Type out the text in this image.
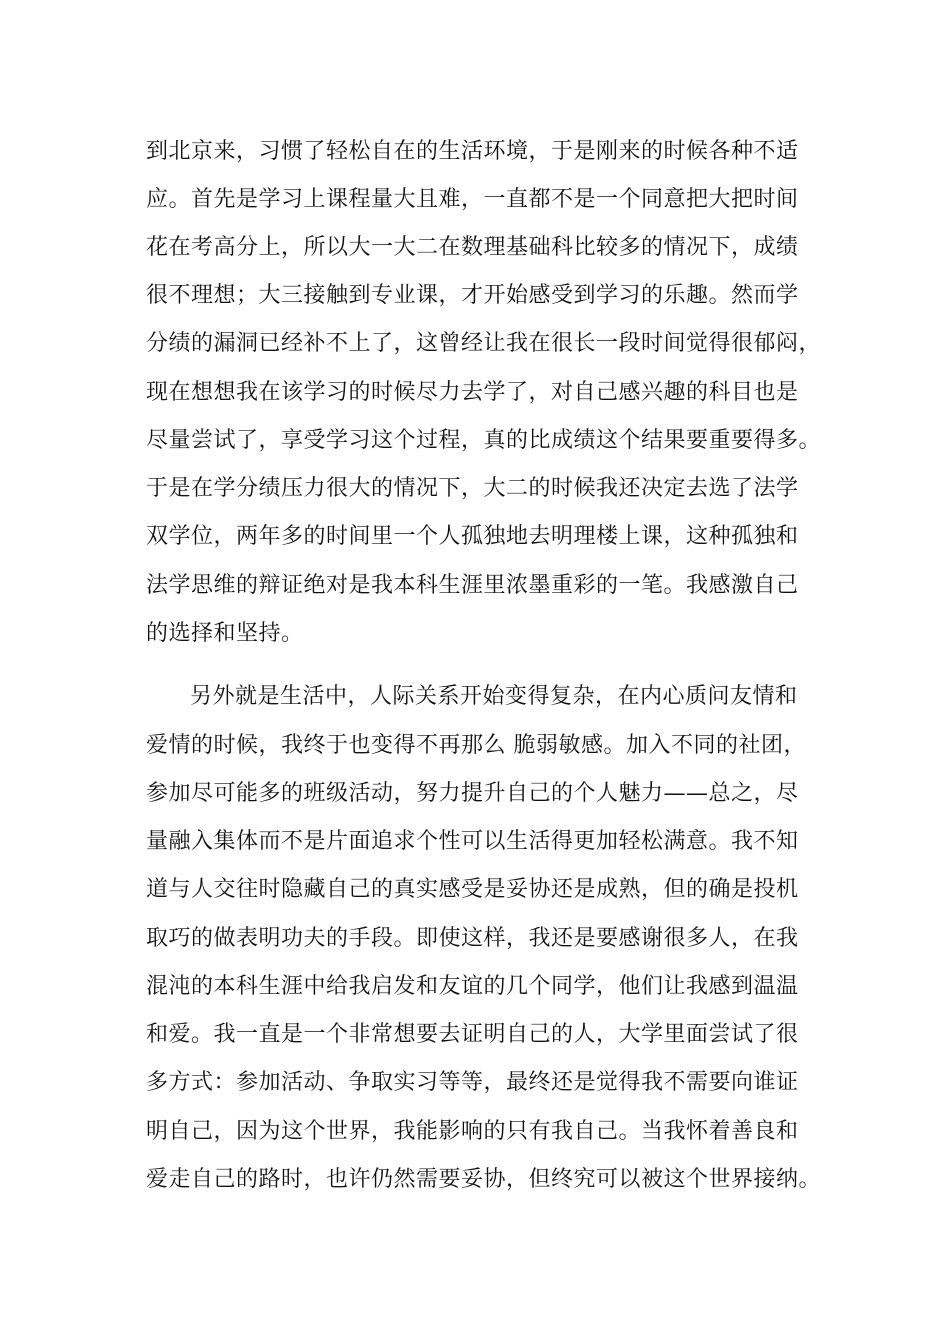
到北京来，习惯了轻松自在的生活环境，于是刚来的时候各种不适
应。首先是学习上课程量大且难，一直都不是一个同意把大把时间
花在考高分上，所以大一大二在数理基础科比较多的情况下，成绩
很不理想；大三接触到专业课，才开始感受到学习的乐趣。然而学
分绩的漏洞已经补不上了，这曾经让我在很长一段时间觉得很郁闷，
现在想想我在该学习的时候尽力去学了，对自己感兴趣的科目也是
尽量尝试了，享受学习这个过程，真的比成绩这个结果要重要得多。
于是在学分绩压力很大的情况下，大二的时候我还决定去选了法学
双学位，两年多的时间里一个人孤独地去明理楼上课，这种孤独和
法学思维的辩证绝对是我本科生涯里浓墨重彩的一笔。我感激自己
的选择和坚持。
另外就是生活中，人际关系开始变得复杂，在内心质问友情和
爱情的时候，我终于也变得不再那么 脆弱敏感。加入不同的社团，
参加尽可能多的班级活动，努力提升自己的个人魅力——总之，尽
量融入集体而不是片面追求个性可以生活得更加轻松满意。我不知
道与人交往时隐藏自己的真实感受是妥协还是成熟，但的确是投机
取巧的做表明功夫的手段。即使这样，我还是要感谢很多人，在我
混沌的本科生涯中给我启发和友谊的几个同学，他们让我感到温温
和爱。我一直是一个非常想要去证明自己的人，大学里面尝试了很
多方式：参加活动、争取实习等等，最终还是觉得我不需要向谁证
明自己，因为这个世界，我能影响的只有我自己。当我怀着善良和
爱走自己的路时，也许仍然需要妥协，但终究可以被这个世界接纳。
